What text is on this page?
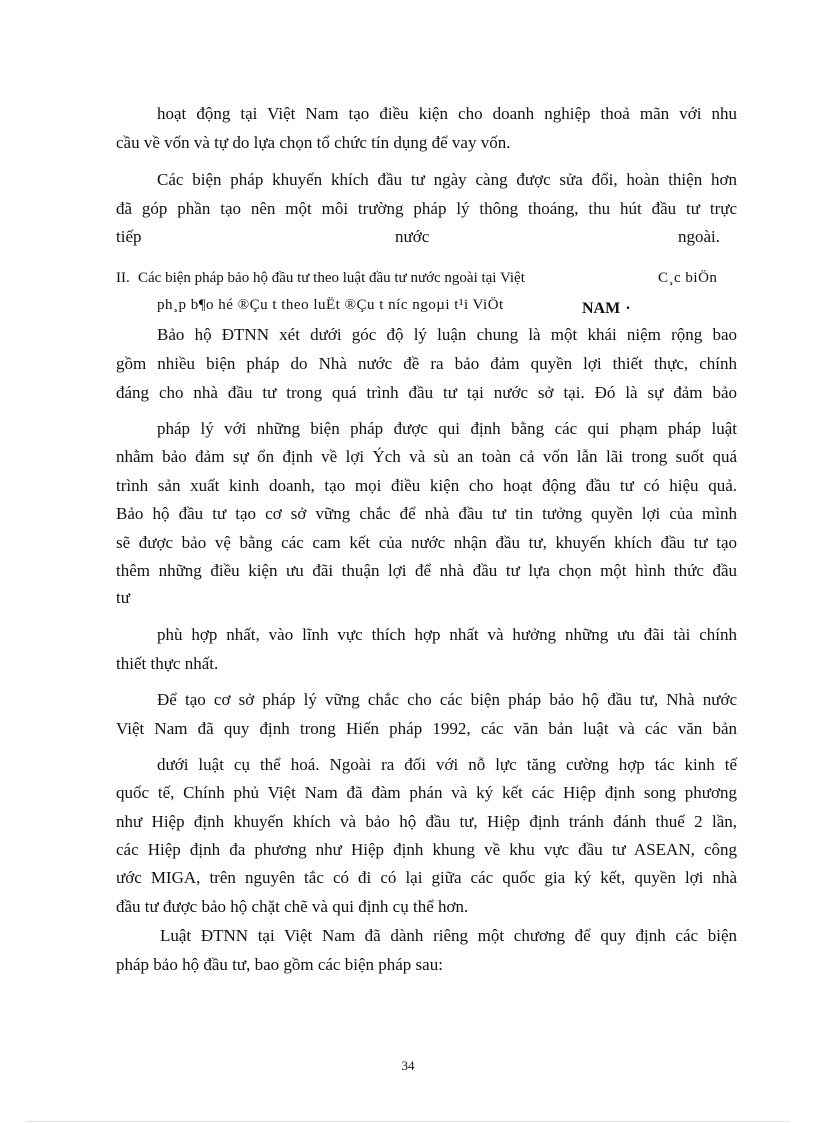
hoạt động tại Việt Nam tạo điều kiện cho doanh nghiệp thoả mãn với nhu
cầu về vốn và tự do lựa chọn tổ chức tín dụng để vay vốn.
Các biện pháp khuyến khích đầu tư ngày càng được sửa đổi, hoàn thiện hơn
đã góp phần tạo nên một môi trường pháp lý thông thoáng, thu hút đầu tư trực
tiếp	nước	ngoài.
II. Các biện pháp bảo hộ đầu tư theo luật đầu tư nước ngoài tại Việt	C¸c biÖn
ph¸p b¶o hé ®Çu t theo luËt ®Çu t níc ngoµi t¹i ViÖt	NAM .
Bảo hộ ĐTNN xét dưới góc độ lý luận chung là một khái niệm rộng bao
gồm nhiều biện pháp do Nhà nước đề ra bảo đảm quyền lợi thiết thực, chính
đáng cho nhà đầu tư trong quá trình đầu tư tại nước sở tại. Đó là sự đảm bảo
pháp lý với những biện pháp được qui định bằng các qui phạm pháp luật
nhằm bảo đảm sự ổn định về lợi Ých và sù an toàn cả vốn lẫn lãi trong suốt quá
trình sản xuất kinh doanh, tạo mọi điều kiện cho hoạt động đầu tư có hiệu quả.
Bảo hộ đầu tư tạo cơ sở vững chắc để nhà đầu tư tin tưởng quyền lợi của mình
sẽ được bảo vệ bằng các cam kết của nước nhận đầu tư, khuyến khích đầu tư tạo
thêm những điều kiện ưu đãi thuận lợi để nhà đầu tư lựa chọn một hình thức đầu
tư
phù hợp nhất, vào lĩnh vực thích hợp nhất và hưởng những ưu đãi tài chính
thiết thực nhất.
Để tạo cơ sở pháp lý vững chắc cho các biện pháp bảo hộ đầu tư, Nhà nước
Việt Nam đã quy định trong Hiến pháp 1992, các văn bản luật và các văn bản
dưới luật cụ thể hoá. Ngoài ra đối với nỗ lực tăng cường hợp tác kinh tế
quốc tế, Chính phủ Việt Nam đã đàm phán và ký kết các Hiệp định song phương
như Hiệp định khuyến khích và bảo hộ đầu tư, Hiệp định tránh đánh thuế 2 lần,
các Hiệp định đa phương như Hiệp định khung về khu vực đầu tư ASEAN, công
ước MIGA, trên nguyên tắc có đi có lại giữa các quốc gia ký kết, quyền lợi nhà
đầu tư được bảo hộ chặt chẽ và qui định cụ thể hơn.
Luật ĐTNN tại Việt Nam đã dành riêng một chương để quy định các biện
pháp bảo hộ đầu tư, bao gồm các biện pháp sau:
34
